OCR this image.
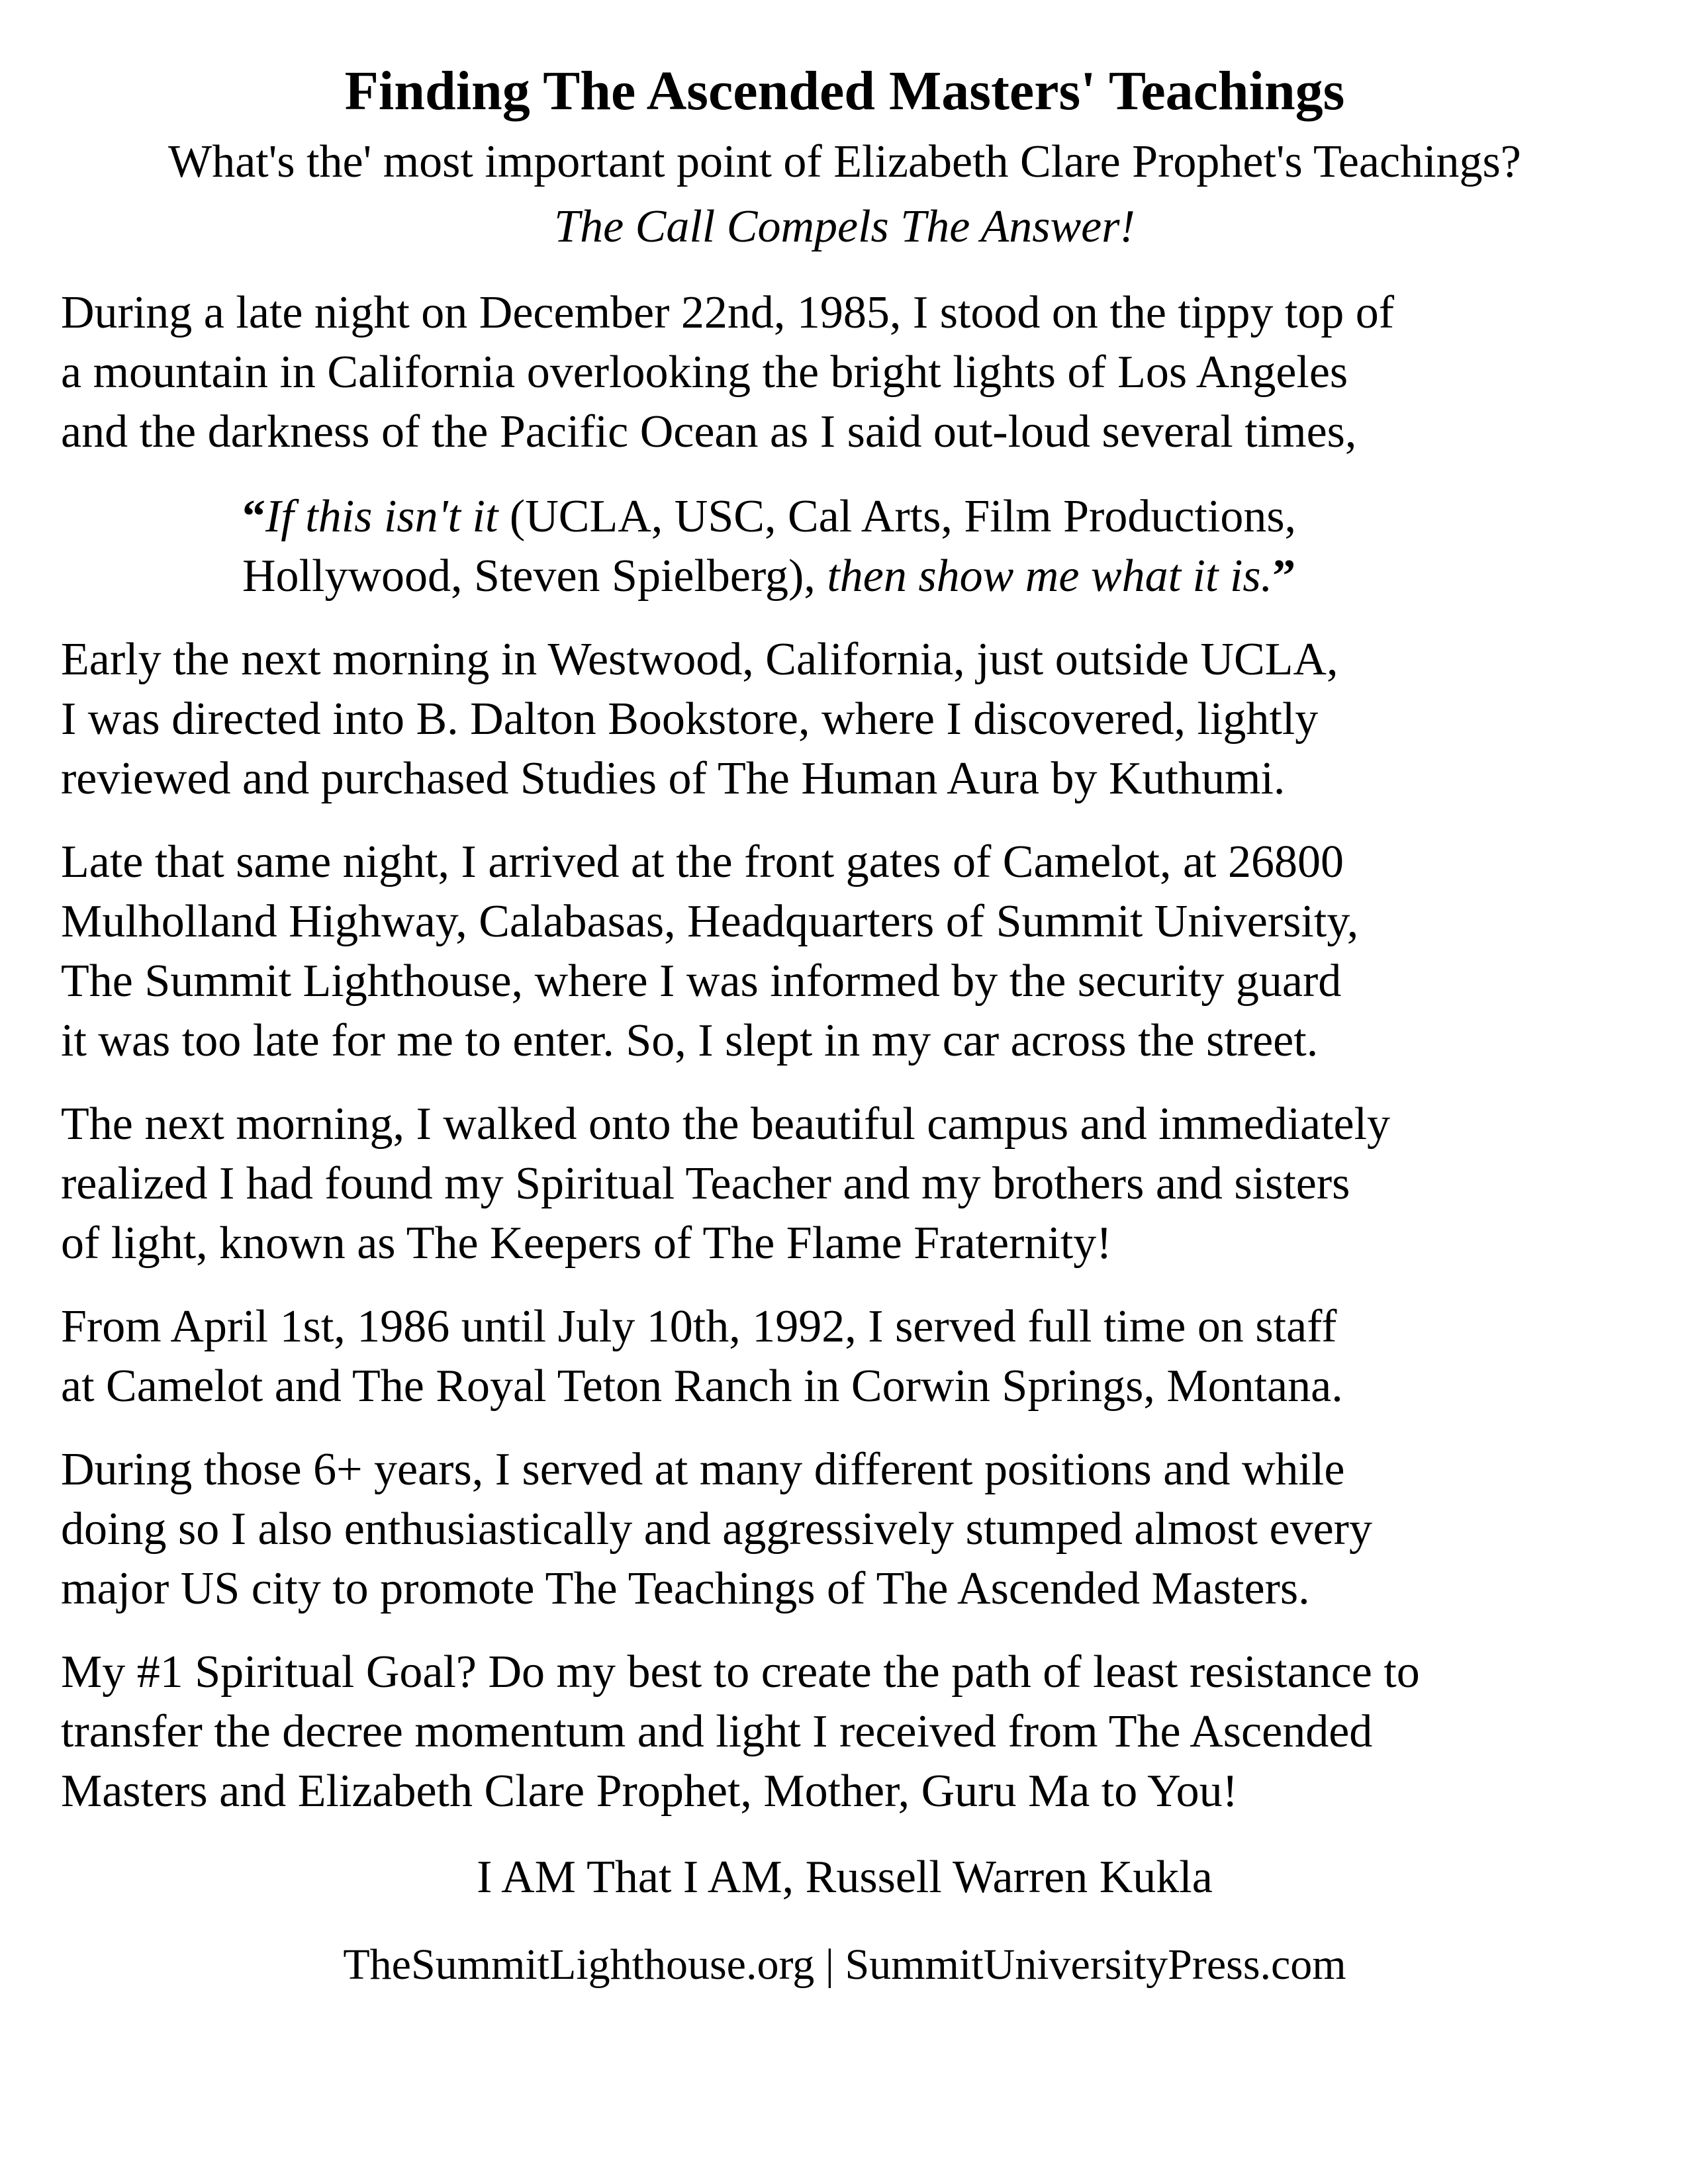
Finding The Ascended Masters' Teachings

What's the' most important point of Elizabeth Clare Prophet's Teachings?

The Call Compels The Answer!

During a late night on December 22nd, 1985, I stood on the tippy top of
a mountain in California overlooking the bright lights of Los Angeles
and the darkness of the Pacific Ocean as I said out-loud several times,

“If this isn't it (UCLA, USC, Cal Arts, Film Productions,
Hollywood, Steven Spielberg), then show me what it is.”

Early the next morning in Westwood, California, just outside UCLA,
I was directed into B. Dalton Bookstore, where I discovered, lightly
reviewed and purchased Studies of The Human Aura by Kuthumi.

Late that same night, I arrived at the front gates of Camelot, at 26800
Mulholland Highway, Calabasas, Headquarters of Summit University,
The Summit Lighthouse, where I was informed by the security guard
it was too late for me to enter. So, I slept in my car across the street.

The next morning, I walked onto the beautiful campus and immediately
realized I had found my Spiritual Teacher and my brothers and sisters
of light, known as The Keepers of The Flame Fraternity!

From April 1st, 1986 until July 10th, 1992, I served full time on staff
at Camelot and The Royal Teton Ranch in Corwin Springs, Montana.

During those 6+ years, I served at many different positions and while
doing so I also enthusiastically and aggressively stumped almost every
major US city to promote The Teachings of The Ascended Masters.

My #1 Spiritual Goal? Do my best to create the path of least resistance to
transfer the decree momentum and light I received from The Ascended
Masters and Elizabeth Clare Prophet, Mother, Guru Ma to You!

I AM That I AM, Russell Warren Kukla

TheSummitLighthouse.org | SummitUniversityPress.com
